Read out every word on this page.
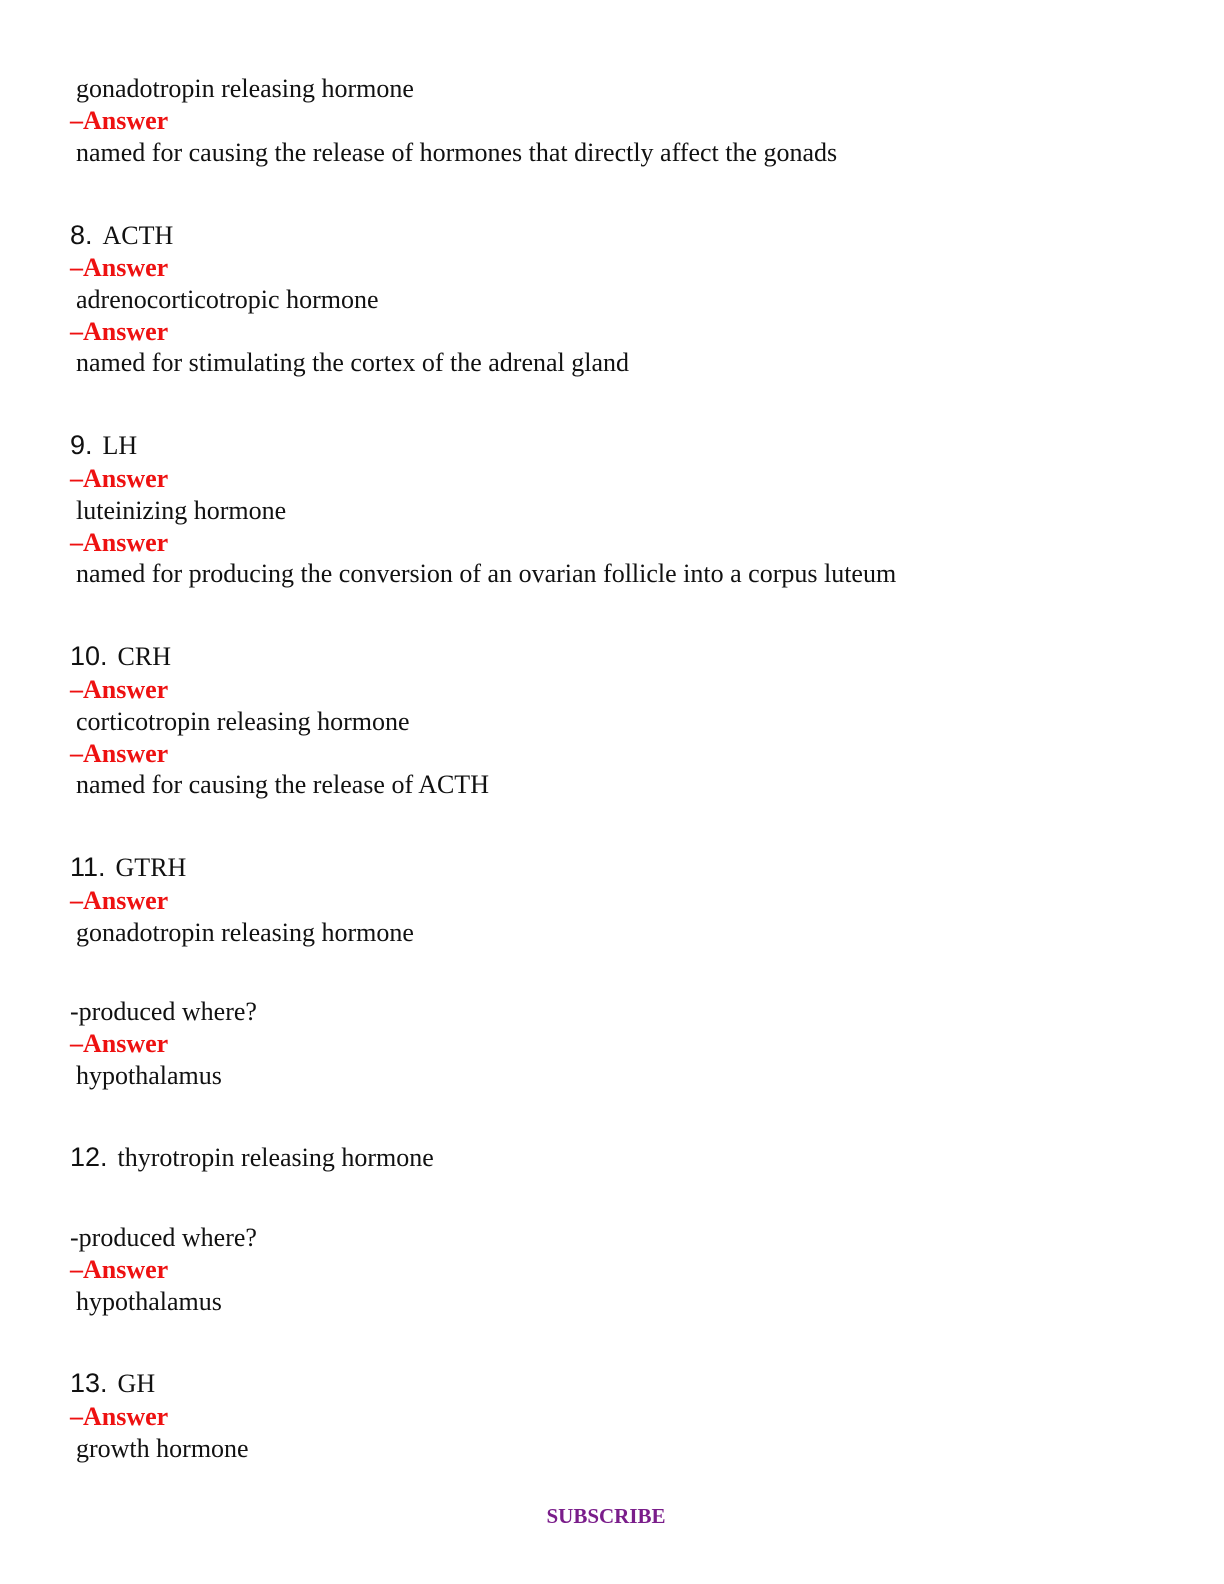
gonadotropin releasing hormone
–Answer
named for causing the release of hormones that directly affect the gonads
8. ACTH
–Answer
adrenocorticotropic hormone
–Answer
named for stimulating the cortex of the adrenal gland
9. LH
–Answer
luteinizing hormone
–Answer
named for producing the conversion of an ovarian follicle into a corpus luteum
10. CRH
–Answer
corticotropin releasing hormone
–Answer
named for causing the release of ACTH
11. GTRH
–Answer
gonadotropin releasing hormone
-produced where?
–Answer
hypothalamus
12. thyrotropin releasing hormone
-produced where?
–Answer
hypothalamus
13. GH
–Answer
growth hormone
SUBSCRIBE
